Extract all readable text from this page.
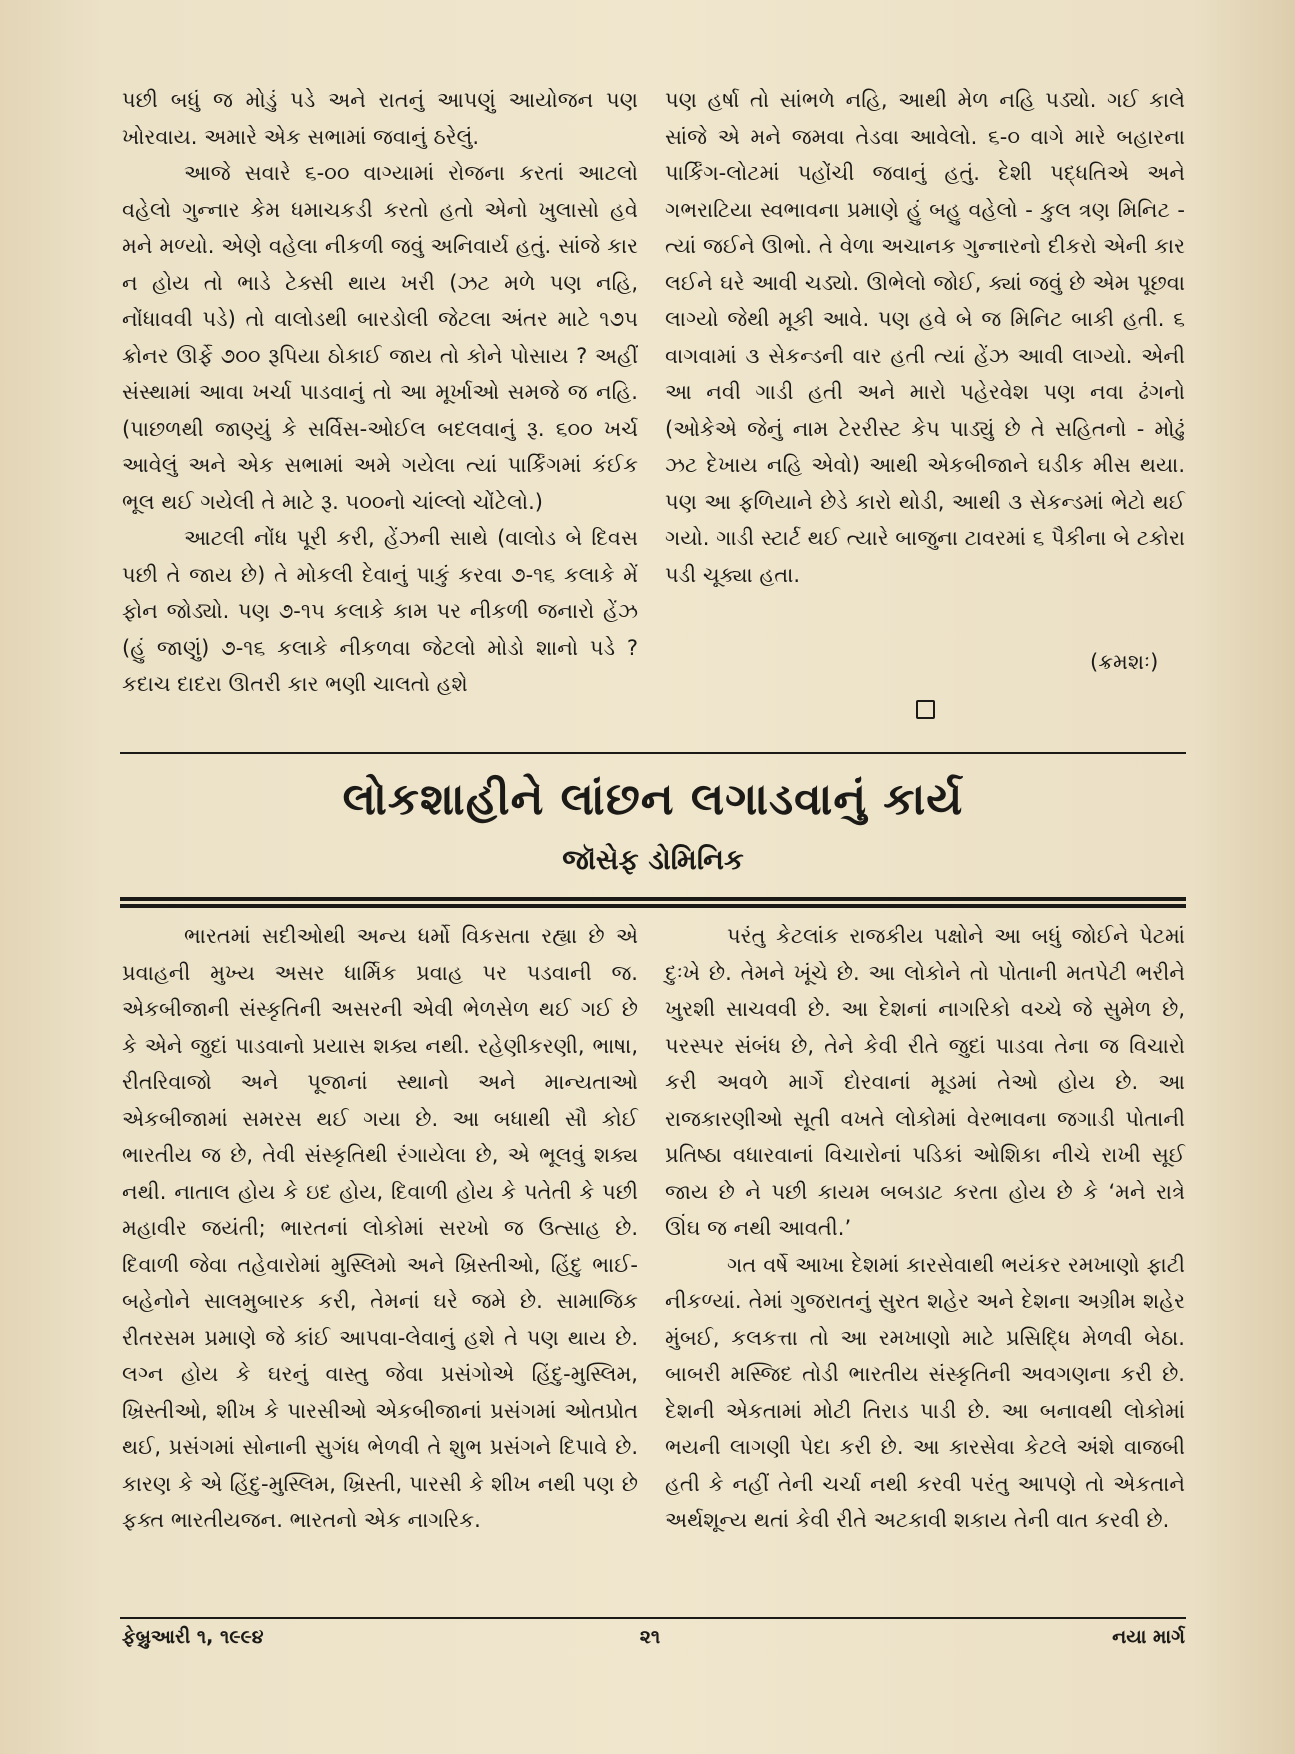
પછી બધું જ મોડું પડે અને રાતનું આપણું આયોજન પણ ખોરવાય. અમારે એક સભામાં જવાનું ઠરેલું.

આજે સવારે ૬-૦૦ વાગ્યામાં રોજના કરતાં આટલો વહેલો ગુન્નાર કેમ ધમાચકડી કરતો હતો એનો ખુલાસો હવે મને મળ્યો. એણે વહેલા નીકળી જવું અનિવાર્ય હતું. સાંજે કાર ન હોય તો ભાડે ટેક્સી થાય ખરી (ઝટ મળે પણ નહિ, નોંધાવવી પડે) તો વાલોડથી બારડોલી જેટલા અંતર માટે ૧૭૫ ક્રોનર ઊર્ફે ૭૦૦ રૂપિયા ઠોકાઈ જાય તો કોને પોસાય ? અહીં સંસ્થામાં આવા ખર્ચા પાડવાનું તો આ મૂર્ખાઓ સમજે જ નહિ. (પાછળથી જાણ્યું કે સર્વિસ-ઓઈલ બદલવાનું રૂ. ૬૦૦ ખર્ચ આવેલું અને એક સભામાં અમે ગયેલા ત્યાં પાર્કિંગમાં કંઈક ભૂલ થઈ ગયેલી તે માટે રૂ. ૫૦૦નો ચાંલ્લો ચોંટેલો.)

આટલી નોંધ પૂરી કરી, હેંઝની સાથે (વાલોડ બે દિવસ પછી તે જાય છે) તે મોકલી દેવાનું પાકું કરવા ૭-૧૬ કલાકે મેં ફોન જોડ્યો. પણ ૭-૧૫ કલાકે કામ પર નીકળી જનારો હેંઝ (હું જાણું) ૭-૧૬ કલાકે નીકળવા જેટલો મોડો શાનો પડે ? કદાચ દાદરા ઊતરી કાર ભણી ચાલતો હશે

પણ હર્ષા તો સાંભળે નહિ, આથી મેળ નહિ પડ્યો. ગઈ કાલે સાંજે એ મને જમવા તેડવા આવેલો. ૬-૦ વાગે મારે બહારના પાર્કિંગ-લોટમાં પહોંચી જવાનું હતું. દેશી પદ્ધતિએ અને ગભરાટિયા સ્વભાવના પ્રમાણે હું બહુ વહેલો - કુલ ત્રણ મિનિટ - ત્યાં જઈને ઊભો. તે વેળા અચાનક ગુન્નારનો દીકરો એની કાર લઈને ઘરે આવી ચડ્યો. ઊભેલો જોઈ, ક્યાં જવું છે એમ પૂછવા લાગ્યો જેથી મૂકી આવે. પણ હવે બે જ મિનિટ બાકી હતી. ૬ વાગવામાં ૩ સેકન્ડની વાર હતી ત્યાં હેંઝ આવી લાગ્યો. એની આ નવી ગાડી હતી અને મારો પહેરવેશ પણ નવા ઢંગનો (ઓકેએ જેનું નામ ટેરરીસ્ટ કેપ પાડ્યું છે તે સહિતનો - મોઢું ઝટ દેખાય નહિ એવો) આથી એકબીજાને ઘડીક મીસ થયા. પણ આ ફળિયાને છેડે કારો થોડી, આથી ૩ સેકન્ડમાં ભેટો થઈ ગયો. ગાડી સ્ટાર્ટ થઈ ત્યારે બાજુના ટાવરમાં ૬ પૈકીના બે ટકોરા પડી ચૂક્યા હતા.

(ક્રમશઃ)
લોકશાહીને લાંછન લગાડવાનું કાર્ય
જૉસેફ ડોમિનિક

ભારતમાં સદીઓથી અન્ય ધર્મો વિકસતા રહ્યા છે એ પ્રવાહની મુખ્ય અસર ધાર્મિક પ્રવાહ પર પડવાની જ. એકબીજાની સંસ્કૃતિની અસરની એવી ભેળસેળ થઈ ગઈ છે કે એને જુદાં પાડવાનો પ્રયાસ શક્ય નથી. રહેણીકરણી, ભાષા, રીતરિવાજો અને પૂજાનાં સ્થાનો અને માન્યતાઓ એકબીજામાં સમરસ થઈ ગયા છે. આ બધાથી સૌ કોઈ ભારતીય જ છે, તેવી સંસ્કૃતિથી રંગાયેલા છે, એ ભૂલવું શક્ય નથી. નાતાલ હોય કે ઇદ હોય, દિવાળી હોય કે પતેતી કે પછી મહાવીર જયંતી; ભારતનાં લોકોમાં સરખો જ ઉત્સાહ છે. દિવાળી જેવા તહેવારોમાં મુસ્લિમો અને ખ્રિસ્તીઓ, હિંદુ ભાઈ-બહેનોને સાલમુબારક કરી, તેમનાં ઘરે જમે છે. સામાજિક રીતરસમ પ્રમાણે જે કાંઈ આપવા-લેવાનું હશે તે પણ થાય છે. લગ્ન હોય કે ઘરનું વાસ્તુ જેવા પ્રસંગોએ હિંદુ-મુસ્લિમ, ખ્રિસ્તીઓ, શીખ કે પારસીઓ એકબીજાનાં પ્રસંગમાં ઓતપ્રોત થઈ, પ્રસંગમાં સોનાની સુગંધ ભેળવી તે શુભ પ્રસંગને દિપાવે છે. કારણ કે એ હિંદુ-મુસ્લિમ, ખ્રિસ્તી, પારસી કે શીખ નથી પણ છે ફક્ત ભારતીયજન. ભારતનો એક નાગરિક.

પરંતુ કેટલાંક રાજકીય પક્ષોને આ બધું જોઈને પેટમાં દુઃખે છે. તેમને ખૂંચે છે. આ લોકોને તો પોતાની મતપેટી ભરીને ખુરશી સાચવવી છે. આ દેશનાં નાગરિકો વચ્ચે જે સુમેળ છે, પરસ્પર સંબંધ છે, તેને કેવી રીતે જુદાં પાડવા તેના જ વિચારો કરી અવળે માર્ગે દોરવાનાં મૂડમાં તેઓ હોય છે. આ રાજકારણીઓ સૂતી વખતે લોકોમાં વેરભાવના જગાડી પોતાની પ્રતિષ્ઠા વધારવાનાં વિચારોનાં પડિકાં ઓશિકા નીચે રાખી સૂઈ જાય છે ને પછી કાયમ બબડાટ કરતા હોય છે કે ‘મને રાત્રે ઊંઘ જ નથી આવતી.’

ગત વર્ષે આખા દેશમાં કારસેવાથી ભયંકર રમખાણો ફાટી નીકળ્યાં. તેમાં ગુજરાતનું સુરત શહેર અને દેશના અગ્રીમ શહેર મુંબઈ, કલકત્તા તો આ રમખાણો માટે પ્રસિદ્ધિ મેળવી બેઠા. બાબરી મસ્જિદ તોડી ભારતીય સંસ્કૃતિની અવગણના કરી છે. દેશની એકતામાં મોટી તિરાડ પાડી છે. આ બનાવથી લોકોમાં ભયની લાગણી પેદા કરી છે. આ કારસેવા કેટલે અંશે વાજબી હતી કે નહીં તેની ચર્ચા નથી કરવી પરંતુ આપણે તો એકતાને અર્થશૂન્ય થતાં કેવી રીતે અટકાવી શકાય તેની વાત કરવી છે.

ફેબ્રુઆરી ૧, ૧૯૯૪	૨૧	નયા માર્ગ
